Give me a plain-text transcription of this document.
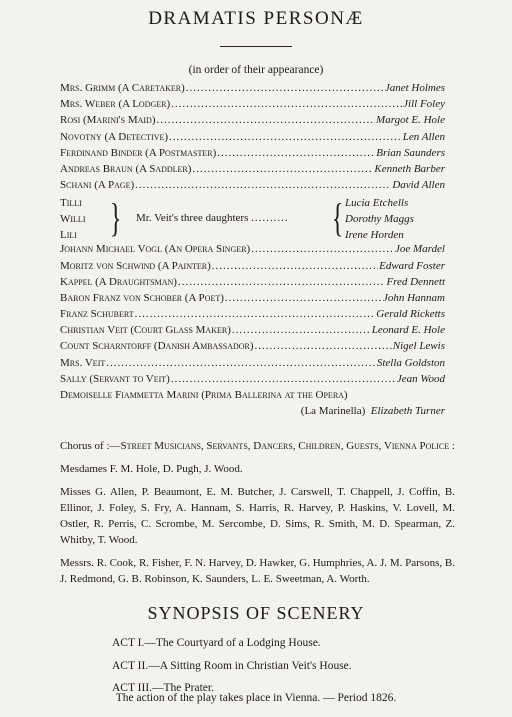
DRAMATIS PERSONÆ
(in order of their appearance)
Mrs. Grimm (A Caretaker) .....	Janet Holmes
Mrs. Weber (A Lodger) .....	Jill Foley
Rosi (Marini's Maid) .....	Margot E. Hole
Novotny (A Detective) .....	Len Allen
Ferdinand Binder (A Postmaster) .....	Brian Saunders
Andreas Braun (A Saddler) .....	Kenneth Barber
Schani (A Page) .....	David Allen
Tilli
Willi
Lili } Mr. Veit's three daughters .......... { Lucia Etchells
Dorothy Maggs
Irene Horden
Johann Michael Vogl (An Opera Singer) .....	Joe Mardel
Moritz von Schwind (A Painter) .....	Edward Foster
Kappel (A Draughtsman) .....	Fred Dennett
Baron Franz von Schober (A Poet) .....	John Hannam
Franz Schubert .....	Gerald Ricketts
Christian Veit (Court Glass Maker) .....	Leonard E. Hole
Count Scharntorff (Danish Ambassador) .....	Nigel Lewis
Mrs. Veit .....	Stella Goldston
Sally (Servant to Veit) .....	Jean Wood
Demoiselle Fiammetta Marini (Prima Ballerina at the Opera)
(La Marinella) Elizabeth Turner
Chorus of :—Street Musicians, Servants, Dancers, Children, Guests, Vienna Police :
Mesdames F. M. Hole, D. Pugh, J. Wood.
Misses G. Allen, P. Beaumont, E. M. Butcher, J. Carswell, T. Chappell, J. Coffin, B. Ellinor, J. Foley, S. Fry, A. Hannam, S. Harris, R. Harvey, P. Haskins, V. Lovell, M. Ostler, R. Perris, C. Scrombe, M. Sercombe, D. Sims, R. Smith, M. D. Spearman, Z. Whitby, T. Wood.
Messrs. R. Cook, R. Fisher, F. N. Harvey, D. Hawker, G. Humphries, A. J. M. Parsons, B. J. Redmond, G. B. Robinson, K. Saunders, L. E. Sweetman, A. Worth.
SYNOPSIS OF SCENERY
ACT I.—The Courtyard of a Lodging House.
ACT II.—A Sitting Room in Christian Veit's House.
ACT III.—The Prater.
The action of the play takes place in Vienna. — Period 1826.
